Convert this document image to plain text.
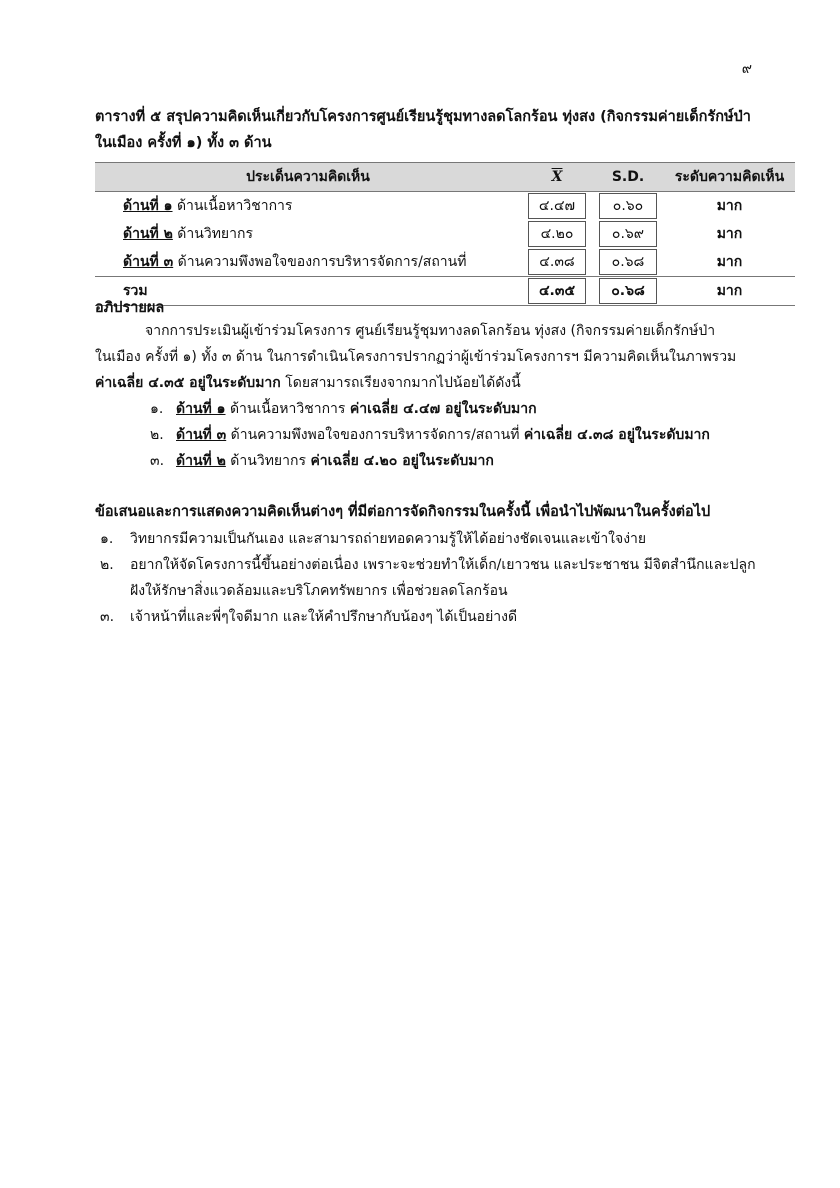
๙
ตารางที่ ๕ สรุปความคิดเห็นเกี่ยวกับโครงการศูนย์เรียนรู้ชุมทางลดโลกร้อน ทุ่งสง (กิจกรรมค่ายเด็กรักษ์ป่าในเมือง ครั้งที่ ๑) ทั้ง ๓ ด้าน
ประเด็นความคิดเห็น	$\overline{X}$	S.D.	ระดับความคิดเห็น
ด้านที่ ๑ ด้านเนื้อหาวิชาการ	๔.๔๗	๐.๖๐	มาก
ด้านที่ ๒ ด้านวิทยากร	๔.๒๐	๐.๖๙	มาก
ด้านที่ ๓ ด้านความพึงพอใจของการบริหารจัดการ/สถานที่	๔.๓๘	๐.๖๘	มาก
รวม	๔.๓๕	๐.๖๘	มาก
อภิปรายผล
จากการประเมินผู้เข้าร่วมโครงการ ศูนย์เรียนรู้ชุมทางลดโลกร้อน ทุ่งสง (กิจกรรมค่ายเด็กรักษ์ป่า
ในเมือง ครั้งที่ ๑) ทั้ง ๓ ด้าน ในการดำเนินโครงการปรากฏว่าผู้เข้าร่วมโครงการฯ มีความคิดเห็นในภาพรวม
ค่าเฉลี่ย ๔.๓๕ อยู่ในระดับมาก โดยสามารถเรียงจากมากไปน้อยได้ดังนี้
๑. ด้านที่ ๑ ด้านเนื้อหาวิชาการ ค่าเฉลี่ย ๔.๔๗ อยู่ในระดับมาก
๒. ด้านที่ ๓ ด้านความพึงพอใจของการบริหารจัดการ/สถานที่ ค่าเฉลี่ย ๔.๓๘ อยู่ในระดับมาก
๓. ด้านที่ ๒ ด้านวิทยากร ค่าเฉลี่ย ๔.๒๐ อยู่ในระดับมาก
ข้อเสนอและการแสดงความคิดเห็นต่างๆ ที่มีต่อการจัดกิจกรรมในครั้งนี้ เพื่อนำไปพัฒนาในครั้งต่อไป
๑.	วิทยากรมีความเป็นกันเอง และสามารถถ่ายทอดความรู้ให้ได้อย่างชัดเจนและเข้าใจง่าย
๒.	อยากให้จัดโครงการนี้ขึ้นอย่างต่อเนื่อง เพราะจะช่วยทำให้เด็ก/เยาวชน และประชาชน มีจิตสำนึกและปลูกฝังให้รักษาสิ่งแวดล้อมและบริโภคทรัพยากร เพื่อช่วยลดโลกร้อน
๓.	เจ้าหน้าที่และพี่ๆใจดีมาก และให้คำปรึกษากับน้องๆ ได้เป็นอย่างดี
